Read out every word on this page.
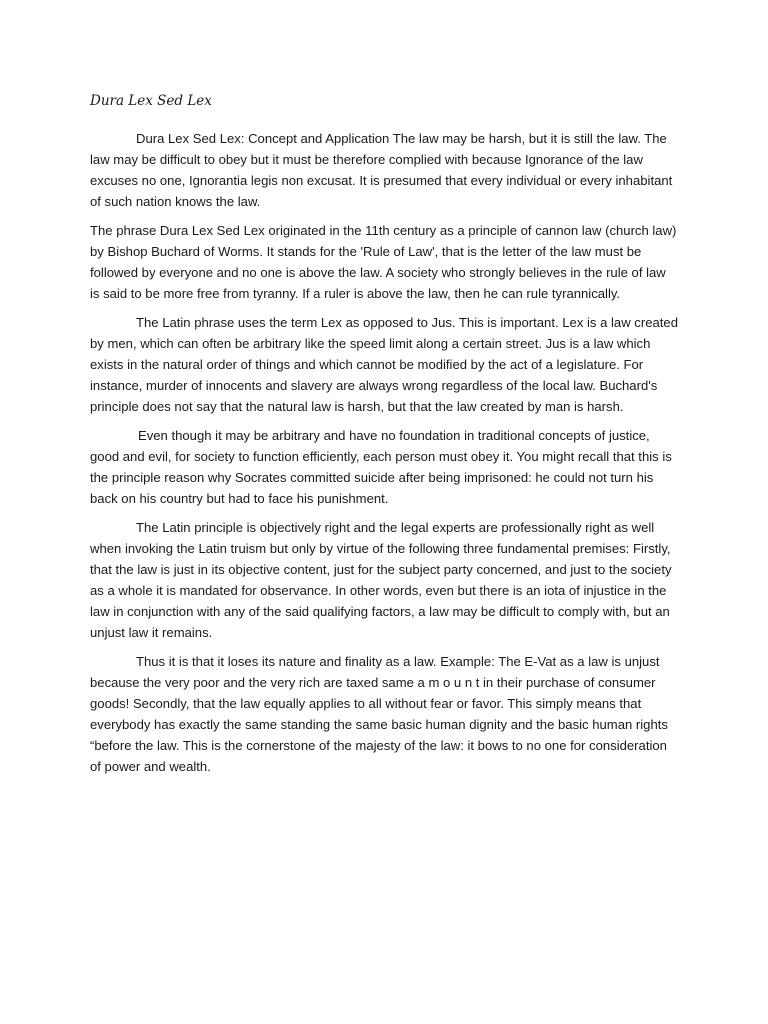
Dura Lex Sed Lex

Dura Lex Sed Lex: Concept and Application The law may be harsh, but it is still the law. The law may be difficult to obey but it must be therefore complied with because Ignorance of the law excuses no one, Ignorantia legis non excusat. It is presumed that every individual or every inhabitant of such nation knows the law.

The phrase Dura Lex Sed Lex originated in the 11th century as a principle of cannon law (church law) by Bishop Buchard of Worms. It stands for the 'Rule of Law', that is the letter of the law must be followed by everyone and no one is above the law. A society who strongly believes in the rule of law is said to be more free from tyranny. If a ruler is above the law, then he can rule tyrannically.

The Latin phrase uses the term Lex as opposed to Jus. This is important. Lex is a law created by men, which can often be arbitrary like the speed limit along a certain street. Jus is a law which exists in the natural order of things and which cannot be modified by the act of a legislature. For instance, murder of innocents and slavery are always wrong regardless of the local law. Buchard's principle does not say that the natural law is harsh, but that the law created by man is harsh.

Even though it may be arbitrary and have no foundation in traditional concepts of justice, good and evil, for society to function efficiently, each person must obey it. You might recall that this is the principle reason why Socrates committed suicide after being imprisoned: he could not turn his back on his country but had to face his punishment.

The Latin principle is objectively right and the legal experts are professionally right as well when invoking the Latin truism but only by virtue of the following three fundamental premises: Firstly, that the law is just in its objective content, just for the subject party concerned, and just to the society as a whole it is mandated for observance. In other words, even but there is an iota of injustice in the law in conjunction with any of the said qualifying factors, a law may be difficult to comply with, but an unjust law it remains.

Thus it is that it loses its nature and finality as a law. Example: The E-Vat as a law is unjust because the very poor and the very rich are taxed same a m o u n t in their purchase of consumer goods! Secondly, that the law equally applies to all without fear or favor. This simply means that everybody has exactly the same standing the same basic human dignity and the basic human rights “before the law. This is the cornerstone of the majesty of the law: it bows to no one for consideration of power and wealth.
